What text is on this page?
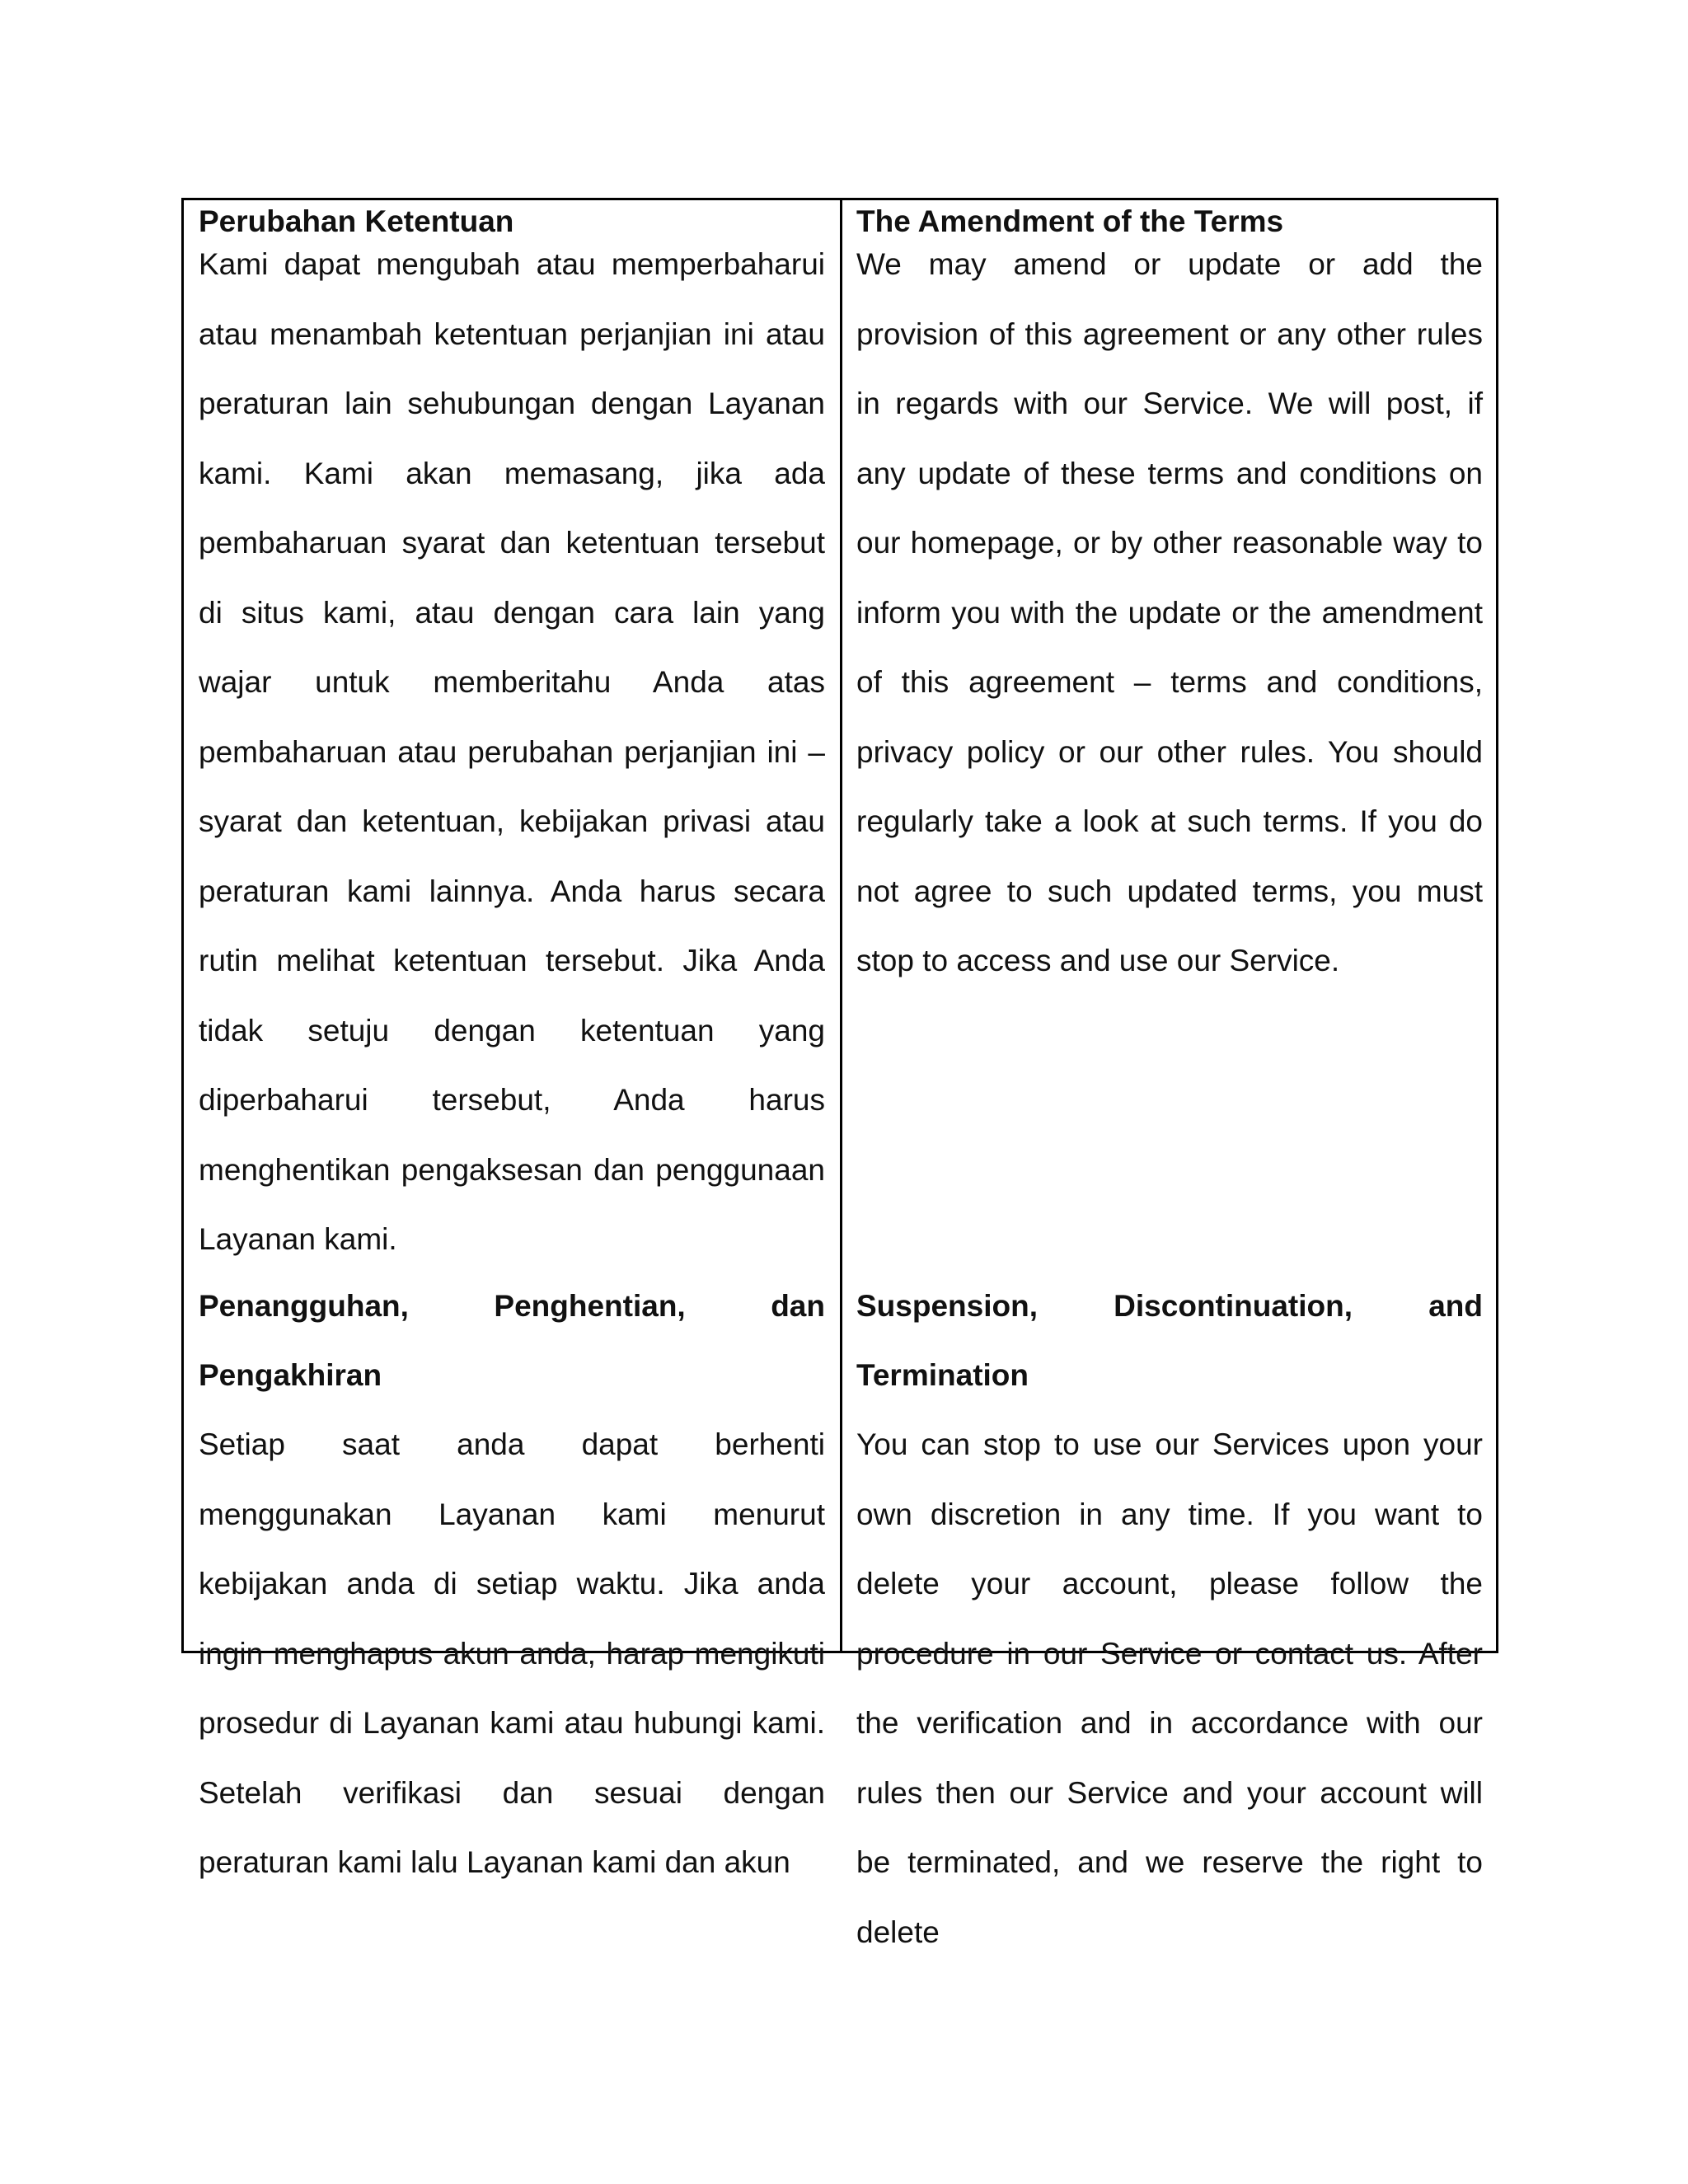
Perubahan Ketentuan
Kami dapat mengubah atau memperbaharui atau menambah ketentuan perjanjian ini atau peraturan lain sehubungan dengan Layanan kami. Kami akan memasang, jika ada pembaharuan syarat dan ketentuan tersebut di situs kami, atau dengan cara lain yang wajar untuk memberitahu Anda atas pembaharuan atau perubahan perjanjian ini – syarat dan ketentuan, kebijakan privasi atau peraturan kami lainnya. Anda harus secara rutin melihat ketentuan tersebut. Jika Anda tidak setuju dengan ketentuan yang diperbaharui tersebut, Anda harus menghentikan pengaksesan dan penggunaan Layanan kami.
Penangguhan, Penghentian, dan Pengakhiran
Setiap saat anda dapat berhenti menggunakan Layanan kami menurut kebijakan anda di setiap waktu. Jika anda ingin menghapus akun anda, harap mengikuti prosedur di Layanan kami atau hubungi kami. Setelah verifikasi dan sesuai dengan peraturan kami lalu Layanan kami dan akun
The Amendment of the Terms
We may amend or update or add the provision of this agreement or any other rules in regards with our Service. We will post, if any update of these terms and conditions on our homepage, or by other reasonable way to inform you with the update or the amendment of this agreement – terms and conditions, privacy policy or our other rules. You should regularly take a look at such terms. If you do not agree to such updated terms, you must stop to access and use our Service.
Suspension, Discontinuation, and Termination
You can stop to use our Services upon your own discretion in any time. If you want to delete your account, please follow the procedure in our Service or contact us. After the verification and in accordance with our rules then our Service and your account will be terminated, and we reserve the right to delete
